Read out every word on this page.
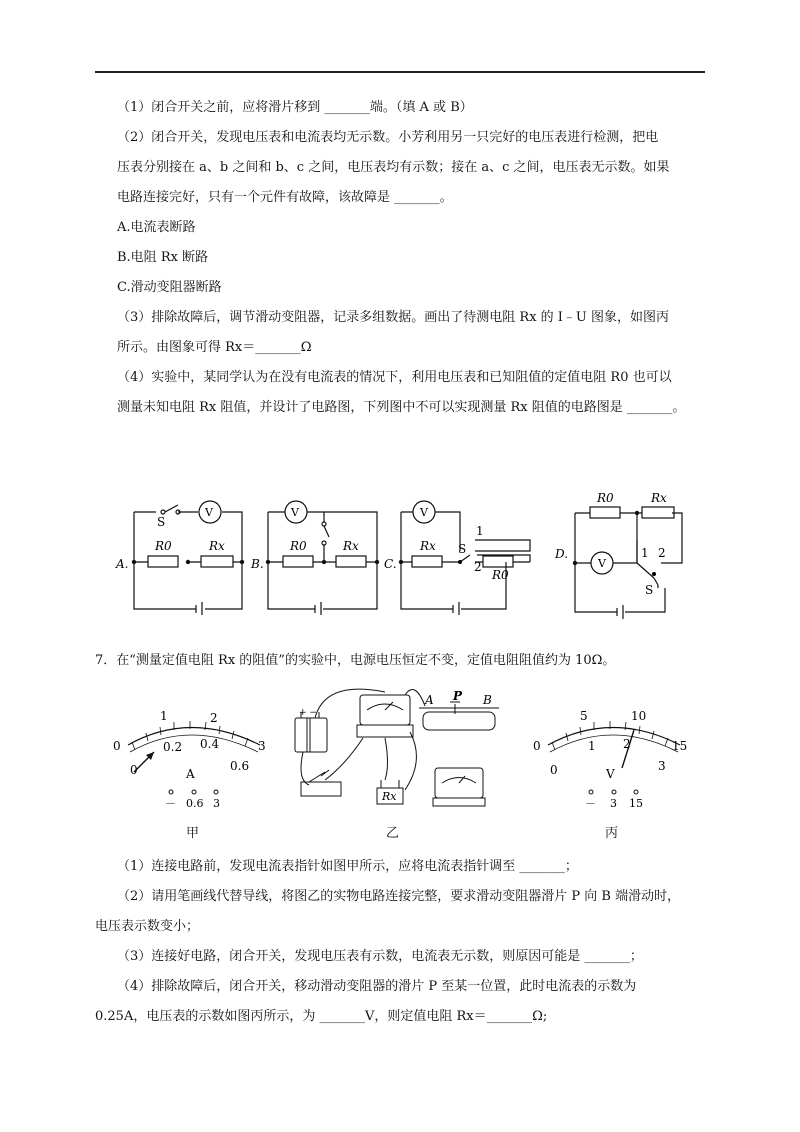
（1）闭合开关之前，应将滑片移到 _______端。（填 A 或 B）
（2）闭合开关，发现电压表和电流表均无示数。小芳利用另一只完好的电压表进行检测，把电
压表分别接在 a、b 之间和 b、c 之间，电压表均有示数；接在 a、c 之间，电压表无示数。如果
电路连接完好，只有一个元件有故障，该故障是 _______。
A.电流表断路
B.电阻 Rx 断路
C.滑动变阻器断路
（3）排除故障后，调节滑动变阻器，记录多组数据。画出了待测电阻 Rx 的 I﹣U 图象，如图丙
所示。由图象可得 Rx＝_______Ω
（4）实验中，某同学认为在没有电流表的情况下，利用电压表和已知阻值的定值电阻 R0 也可以
测量未知电阻 Rx 阻值，并设计了电路图，下列图中不可以实现测量 Rx 阻值的电路图是 _______。
A.
S
V
R0	Rx
B.
V
R0	Rx
C.
V
Rx S
1
2
R0
D.
R0	Rx
V
1 2
S
7．在“测量定值电阻 Rx 的阻值”的实验中，电源电压恒定不变，定值电阻阻值约为 10Ω。
0
1	2
3
0
0.2 0.4
0.6
A
－ 0.6 3
甲
+ −
A P B
Rx
乙
0
5	10
15
0
1 2
3
V
－ 3 15
丙
（1）连接电路前，发现电流表指针如图甲所示，应将电流表指针调至 _______；
（2）请用笔画线代替导线，将图乙的实物电路连接完整，要求滑动变阻器滑片 P 向 B 端滑动时，
电压表示数变小；
（3）连接好电路，闭合开关，发现电压表有示数，电流表无示数，则原因可能是 _______；
（4）排除故障后，闭合开关，移动滑动变阻器的滑片 P 至某一位置，此时电流表的示数为
0.25A，电压表的示数如图丙所示，为 _______V，则定值电阻 Rx＝_______Ω;
